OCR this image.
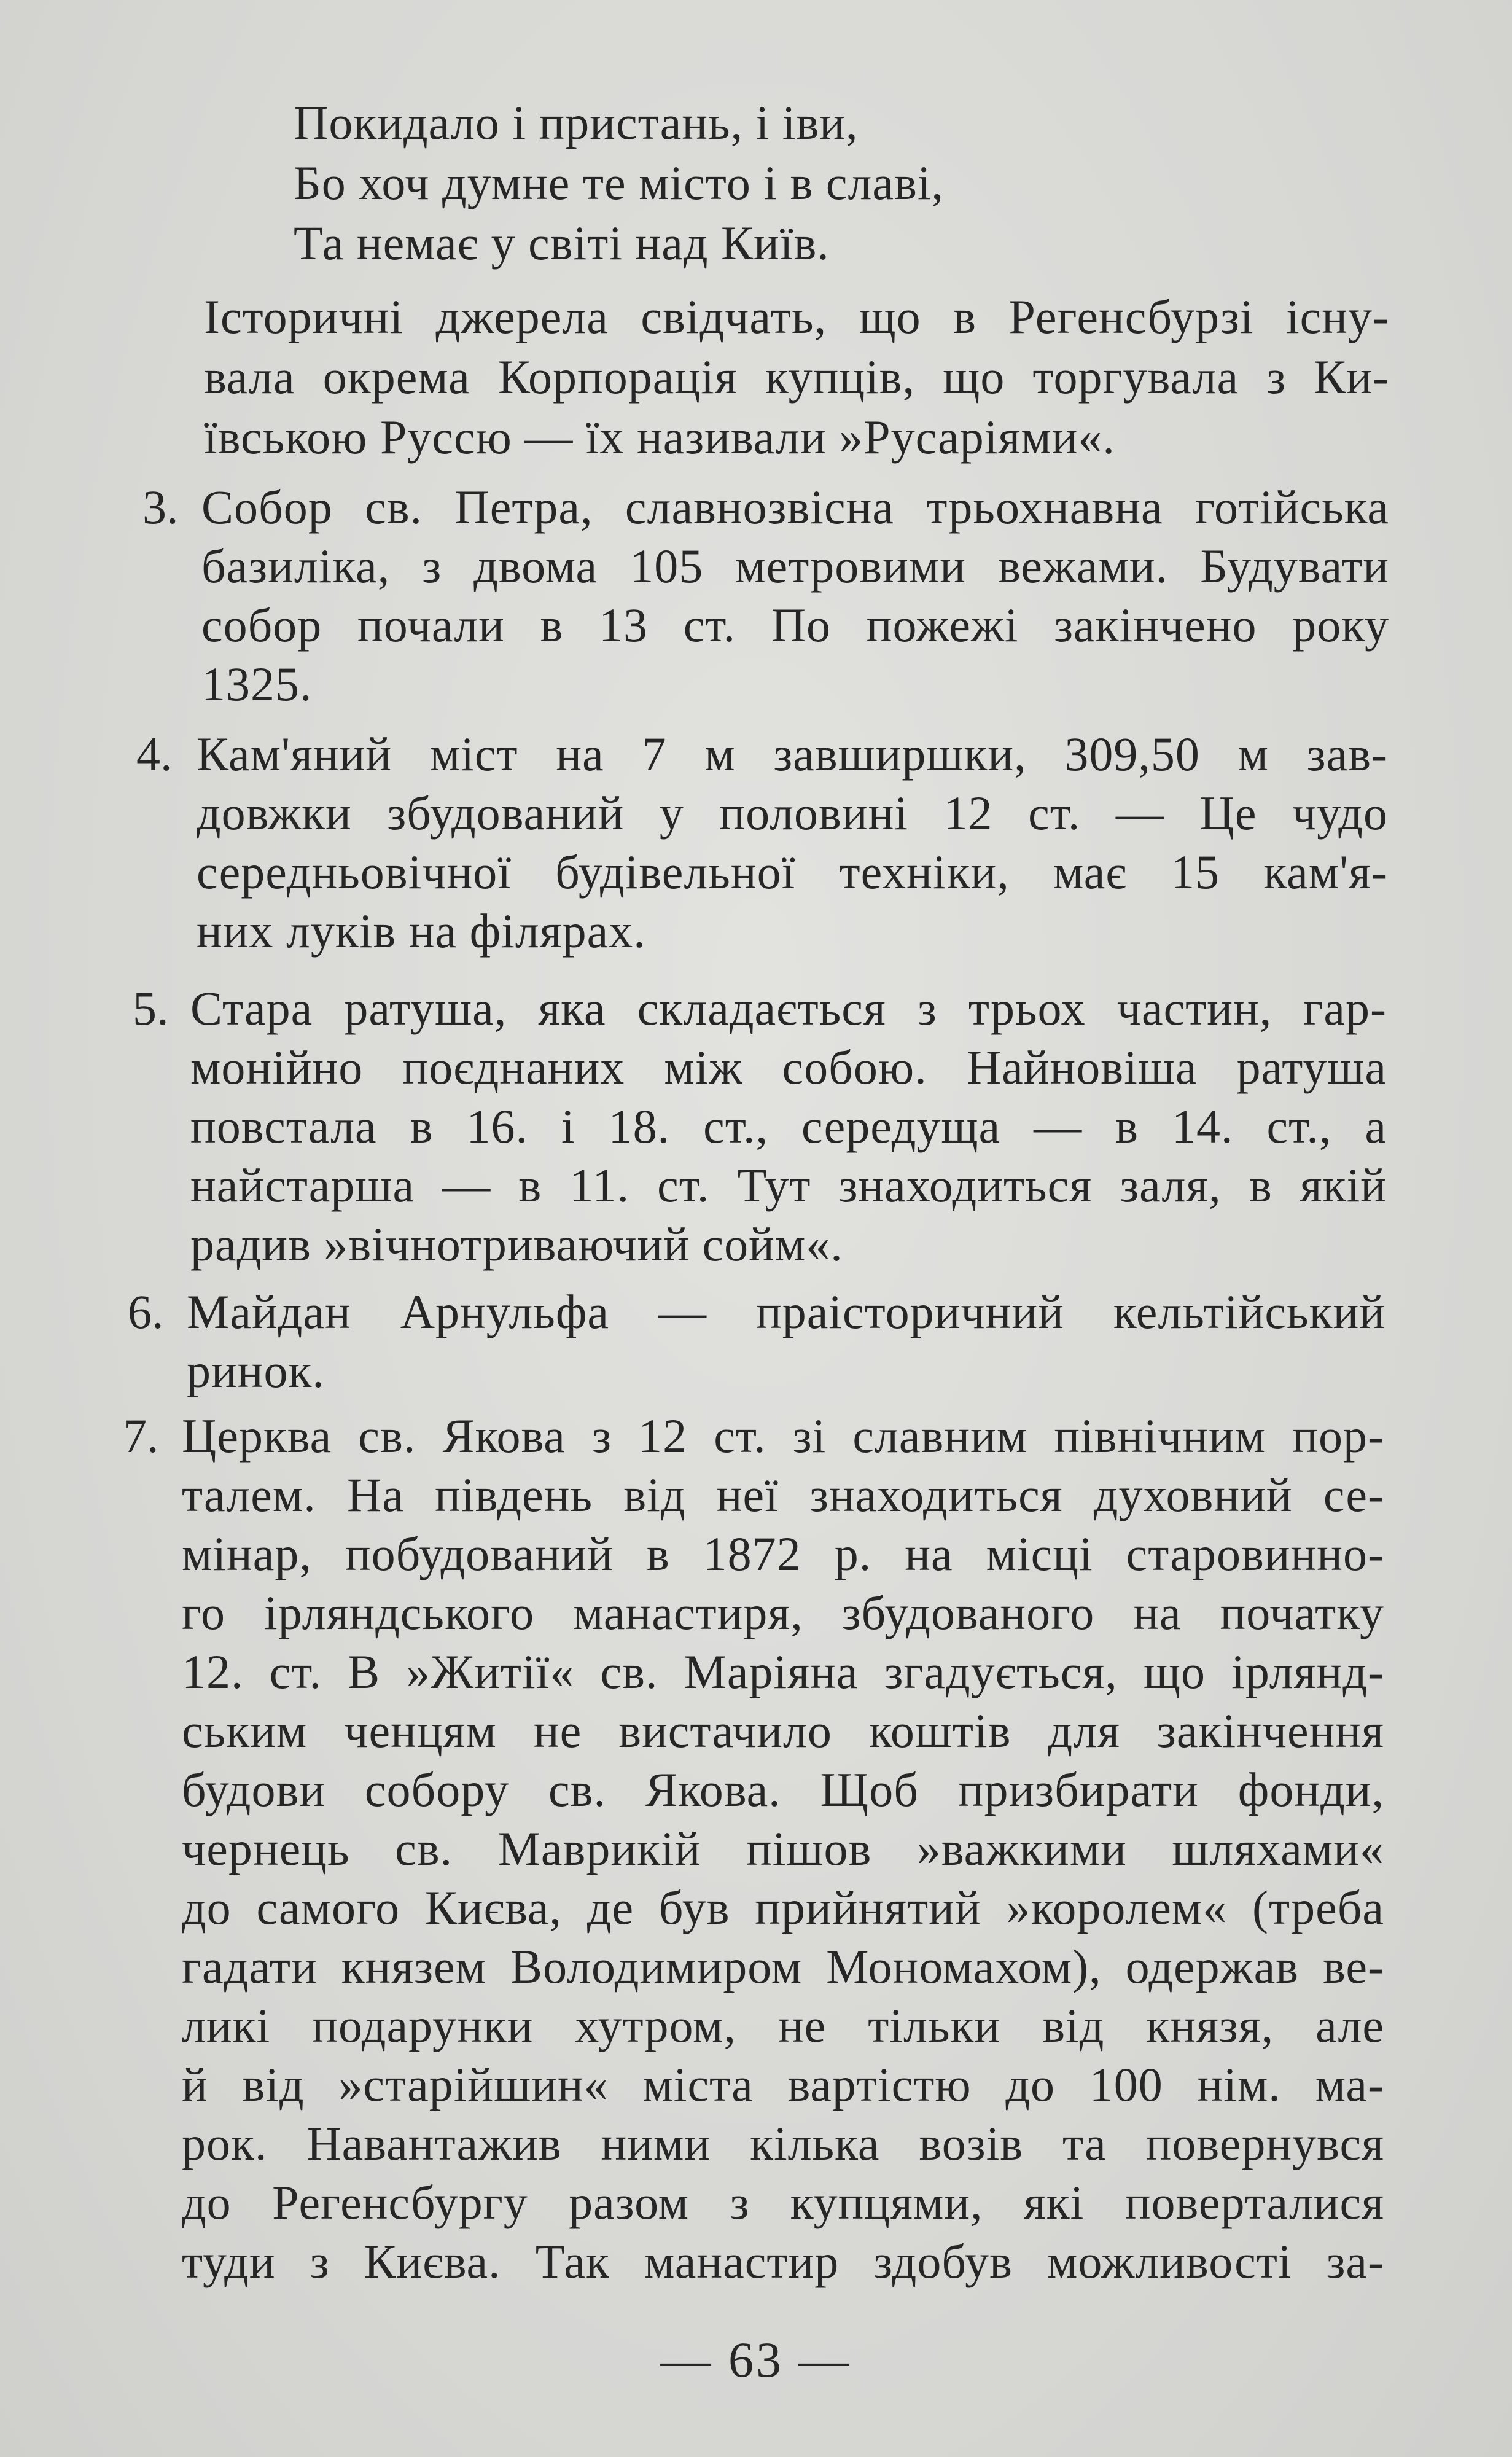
Покидало і пристань, і іви,
Бо хоч думне те місто і в славі,
Та немає у світі над Київ.
Історичні джерела свідчать, що в Регенсбурзі іcну-
вала окрема Корпорація купців, що торгувала з Ки-
ївською Руссю — їх називали »Русаріями«.
3. Собор св. Петра, славнозвісна трьохнавна готійська
базиліка, з двома 105 метровими вежами. Будувати
собор почали в 13 ст. По пожежі закінчено року
1325.
4. Кам'яний міст на 7 м завширшки, 309,50 м зав-
довжки збудований у половині 12 ст. — Це чудо
середньовічної будівельної техніки, має 15 кам'я-
них луків на філярах.
5. Стара ратуша, яка складається з трьох частин, гар-
монійно поєднаних між собою. Найновіша ратуша
повстала в 16. і 18. ст., середуща — в 14. ст., а
найстарша — в 11. ст. Тут знаходиться заля, в якій
радив »вічнотриваючий сойм«.
6. Майдан Арнульфа — праісторичний кельтійський
ринок.
7. Церква св. Якова з 12 ст. зі славним північним пор-
талем. На південь від неї знаходиться духовний се-
мінар, побудований в 1872 р. на місці старовинно-
го ірляндського манастиря, збудованого на початку
12. ст. В »Житії« св. Маріяна згадується, що ірлянд-
ським ченцям не вистачило коштів для закінчення
будови собору св. Якова. Щоб призбирати фонди,
чернець св. Маврикій пішов »важкими шляхами«
до самого Києва, де був прийнятий »королем« (треба
гадати князем Володимиром Мономахом), одержав ве-
ликі подарунки хутром, не тільки від князя, але
й від »старійшин« міста вартістю до 100 нім. ма-
рок. Навантажив ними кілька возів та повернувся
до Регенсбургу разом з купцями, які поверталися
туди з Києва. Так манастир здобув можливості за-
— 63 —
